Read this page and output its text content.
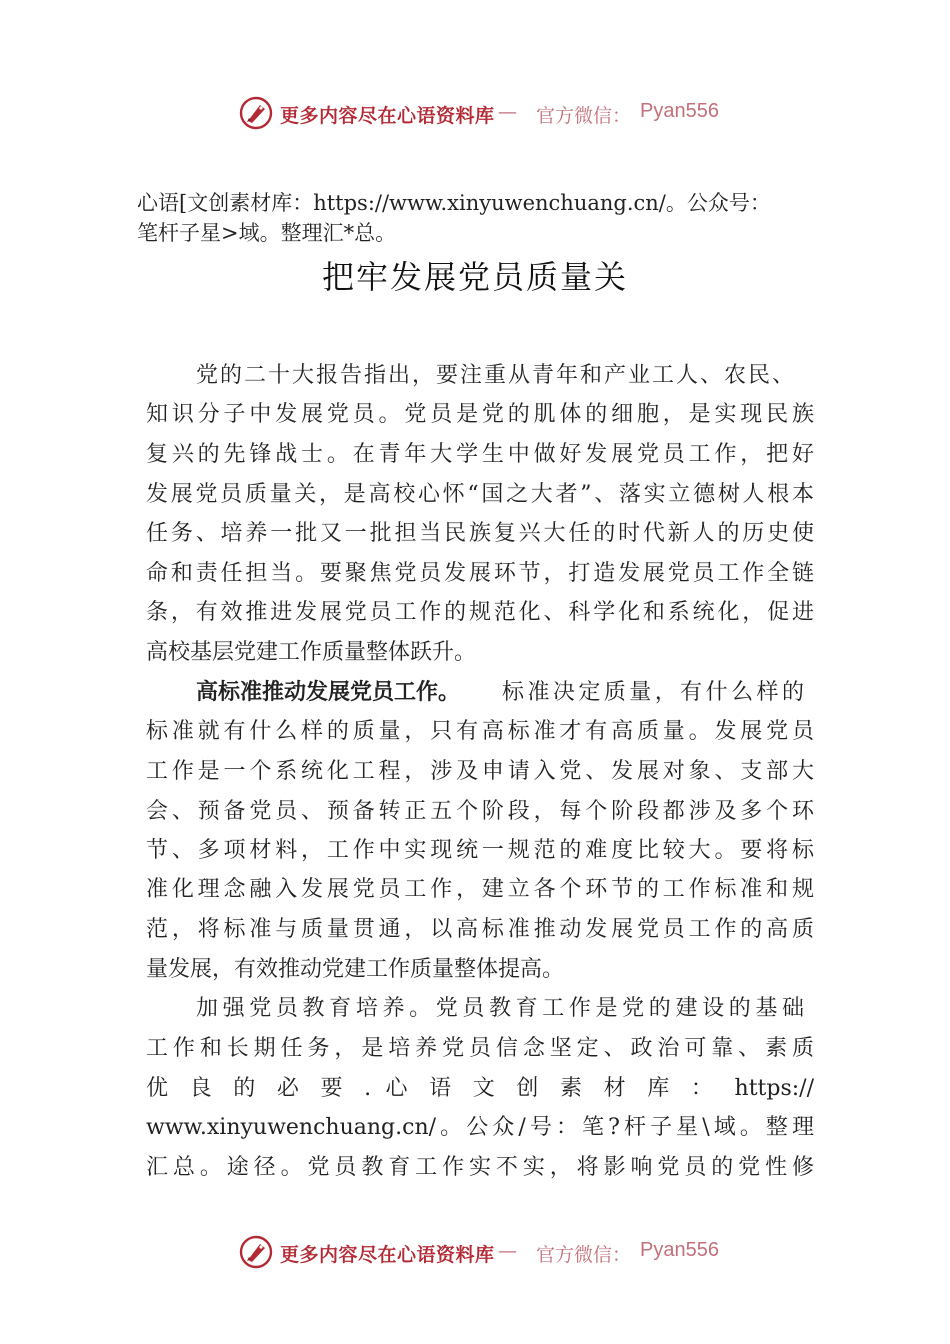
更多内容尽在心语资料库 — 官方微信： Pyan556
心语[文创素材库：https://www.xinyuwenchuang.cn/。公众号：
笔杆子星>域。整理汇*总。
把牢发展党员质量关
党的二十大报告指出，要注重从青年和产业工人、农民、
知识分子中发展党员。党员是党的肌体的细胞，是实现民族
复兴的先锋战士。在青年大学生中做好发展党员工作，把好
发展党员质量关，是高校心怀“国之大者”、落实立德树人根本
任务、培养一批又一批担当民族复兴大任的时代新人的历史使
命和责任担当。要聚焦党员发展环节，打造发展党员工作全链
条，有效推进发展党员工作的规范化、科学化和系统化，促进
高校基层党建工作质量整体跃升。
高标准推动发展党员工作。 标准决定质量，有什么样的
标准就有什么样的质量，只有高标准才有高质量。发展党员
工作是一个系统化工程，涉及申请入党、发展对象、支部大
会、预备党员、预备转正五个阶段，每个阶段都涉及多个环
节、多项材料，工作中实现统一规范的难度比较大。要将标
准化理念融入发展党员工作，建立各个环节的工作标准和规
范，将标准与质量贯通，以高标准推动发展党员工作的高质
量发展，有效推动党建工作质量整体提高。
加强党员教育培养。党员教育工作是党的建设的基础
工作和长期任务，是培养党员信念坚定、政治可靠、素质
优 良 的 必 要 . 心 语 文 创 素 材 库 ： https://
www.xinyuwenchuang.cn/。公众/号：笔?杆子星\域。整理
汇总。途径。党员教育工作实不实，将影响党员的党性修
更多内容尽在心语资料库 — 官方微信： Pyan556
